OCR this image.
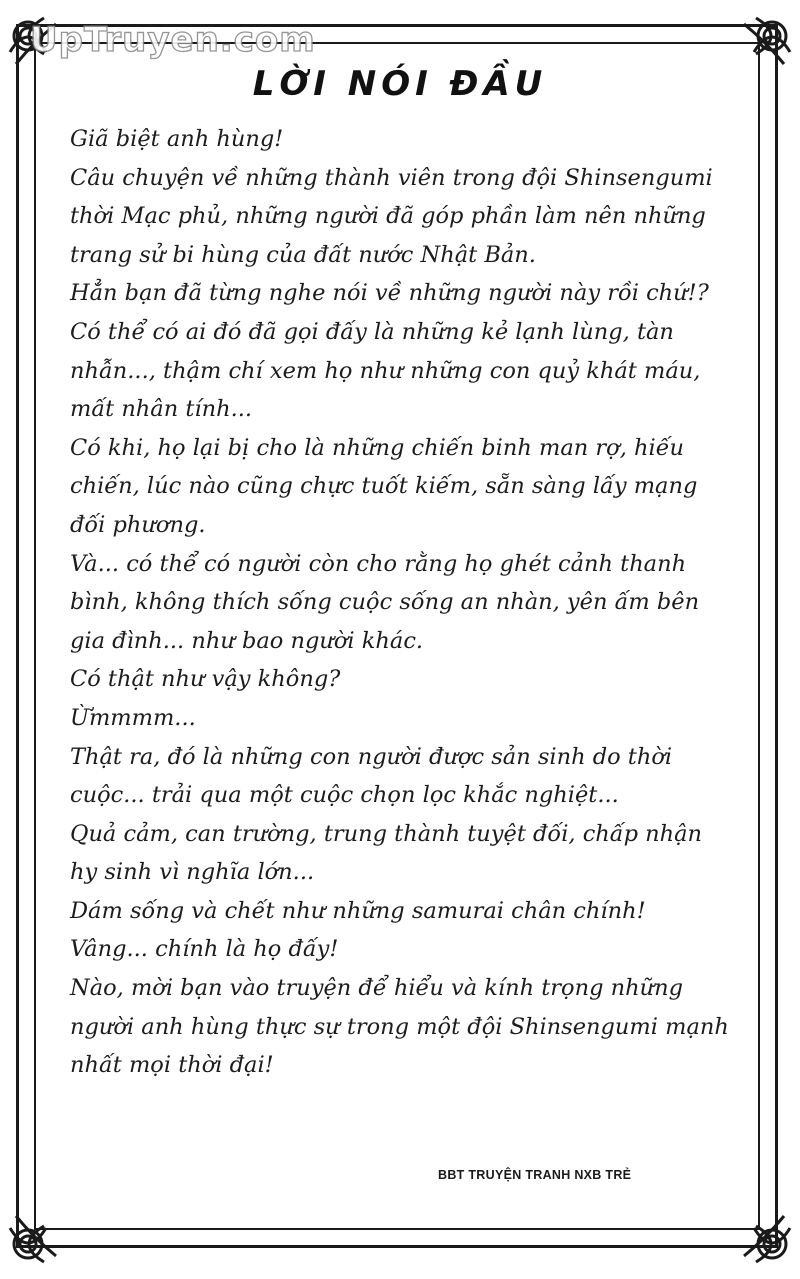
UpTruyen.com
LỜI NÓI ĐẦU
Giã biệt anh hùng!
Câu chuyện về những thành viên trong đội Shinsengumi
thời Mạc phủ, những người đã góp phần làm nên những
trang sử bi hùng của đất nước Nhật Bản.
Hẳn bạn đã từng nghe nói về những người này rồi chứ!?
Có thể có ai đó đã gọi đấy là những kẻ lạnh lùng, tàn
nhẫn..., thậm chí xem họ như những con quỷ khát máu,
mất nhân tính...
Có khi, họ lại bị cho là những chiến binh man rợ, hiếu
chiến, lúc nào cũng chực tuốt kiếm, sẵn sàng lấy mạng
đối phương.
Và... có thể có người còn cho rằng họ ghét cảnh thanh
bình, không thích sống cuộc sống an nhàn, yên ấm bên
gia đình... như bao người khác.
Có thật như vậy không?
Ừmmmm...
Thật ra, đó là những con người được sản sinh do thời
cuộc... trải qua một cuộc chọn lọc khắc nghiệt...
Quả cảm, can trường, trung thành tuyệt đối, chấp nhận
hy sinh vì nghĩa lớn...
Dám sống và chết như những samurai chân chính!
Vâng... chính là họ đấy!
Nào, mời bạn vào truyện để hiểu và kính trọng những
người anh hùng thực sự trong một đội Shinsengumi mạnh
nhất mọi thời đại!
BBT TRUYỆN TRANH NXB TRẺ
